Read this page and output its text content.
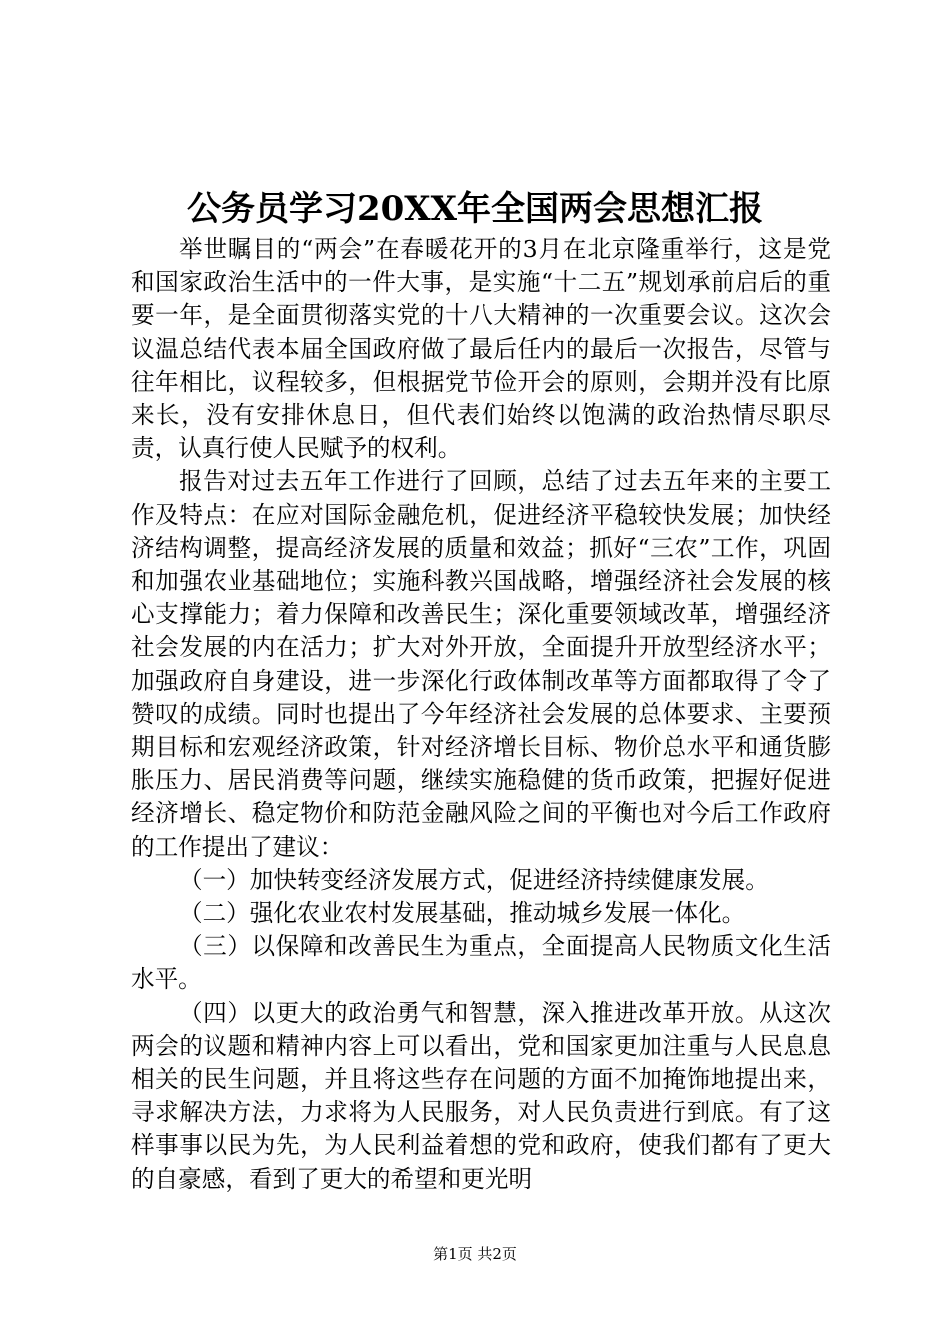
公务员学习20XX年全国两会思想汇报

举世瞩目的“两会”在春暖花开的3月在北京隆重举行，这是党和国家政治生活中的一件大事，是实施“十二五”规划承前启后的重要一年，是全面贯彻落实党的十八大精神的一次重要会议。这次会议温总结代表本届全国政府做了最后任内的最后一次报告，尽管与往年相比，议程较多，但根据党节俭开会的原则，会期并没有比原来长，没有安排休息日，但代表们始终以饱满的政治热情尽职尽责，认真行使人民赋予的权利。

报告对过去五年工作进行了回顾，总结了过去五年来的主要工作及特点：在应对国际金融危机，促进经济平稳较快发展；加快经济结构调整，提高经济发展的质量和效益；抓好“三农”工作，巩固和加强农业基础地位；实施科教兴国战略，增强经济社会发展的核心支撑能力；着力保障和改善民生；深化重要领域改革，增强经济社会发展的内在活力；扩大对外开放，全面提升开放型经济水平；加强政府自身建设，进一步深化行政体制改革等方面都取得了令了赞叹的成绩。同时也提出了今年经济社会发展的总体要求、主要预期目标和宏观经济政策，针对经济增长目标、物价总水平和通货膨胀压力、居民消费等问题，继续实施稳健的货币政策，把握好促进经济增长、稳定物价和防范金融风险之间的平衡也对今后工作政府的工作提出了建议：

（一）加快转变经济发展方式，促进经济持续健康发展。

（二）强化农业农村发展基础，推动城乡发展一体化。

（三）以保障和改善民生为重点，全面提高人民物质文化生活水平。

（四）以更大的政治勇气和智慧，深入推进改革开放。从这次两会的议题和精神内容上可以看出，党和国家更加注重与人民息息相关的民生问题，并且将这些存在问题的方面不加掩饰地提出来，寻求解决方法，力求将为人民服务，对人民负责进行到底。有了这样事事以民为先，为人民利益着想的党和政府，使我们都有了更大的自豪感，看到了更大的希望和更光明

第1页 共2页
